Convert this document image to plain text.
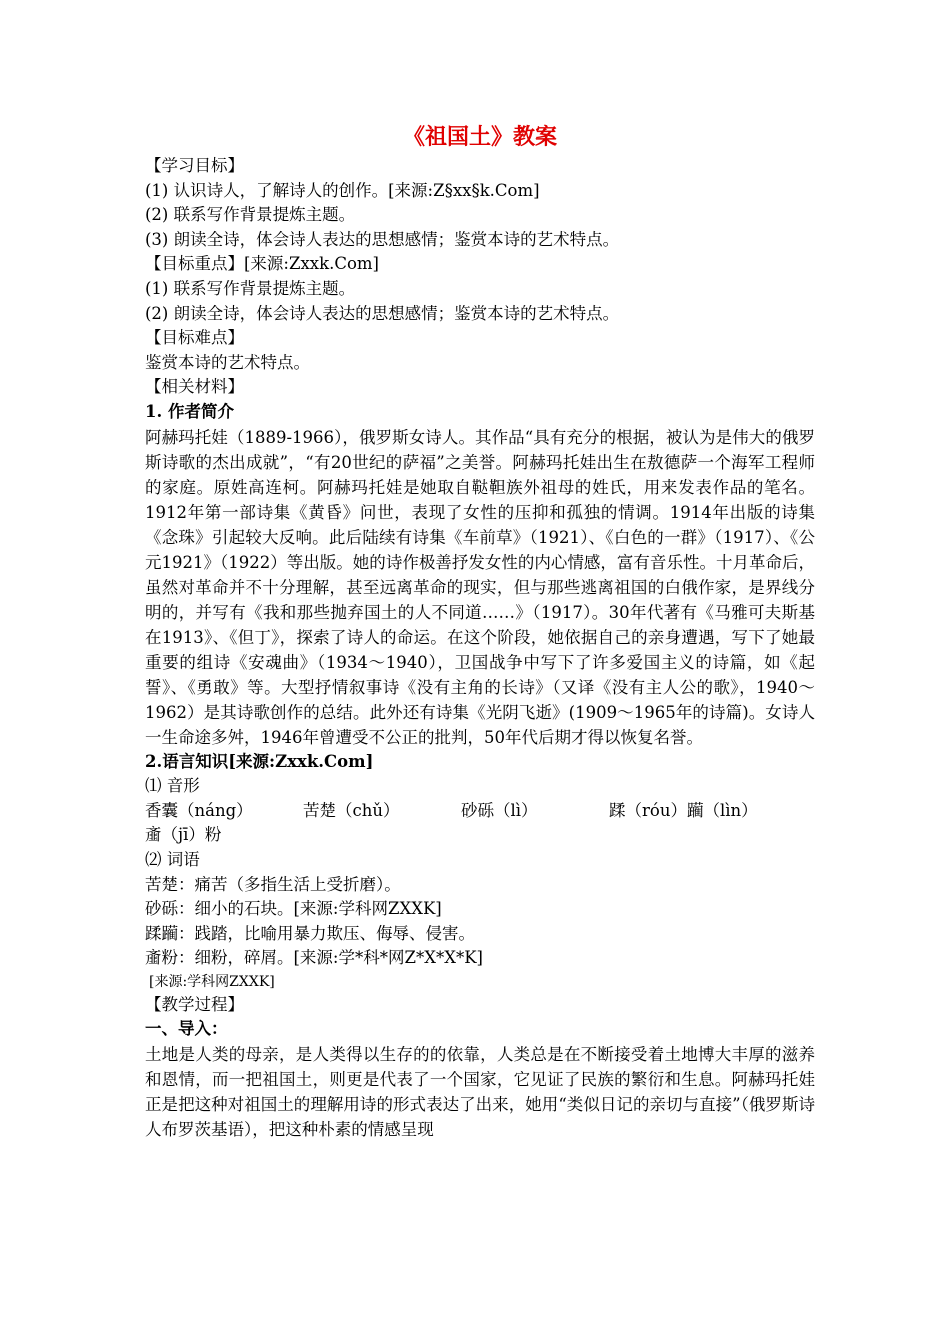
《祖国土》教案
【学习目标】
(1) 认识诗人，了解诗人的创作。[来源:Z§xx§k.Com]
(2) 联系写作背景提炼主题。
(3) 朗读全诗，体会诗人表达的思想感情；鉴赏本诗的艺术特点。
【目标重点】[来源:Zxxk.Com]
(1) 联系写作背景提炼主题。
(2) 朗读全诗，体会诗人表达的思想感情；鉴赏本诗的艺术特点。
【目标难点】
鉴赏本诗的艺术特点。
【相关材料】
1. 作者简介

阿赫玛托娃（1889-1966），俄罗斯女诗人。其作品“具有充分的根据，被认为是伟大的俄罗斯诗歌的杰出成就”，“有20世纪的萨福”之美誉。阿赫玛托娃出生在敖德萨一个海军工程师的家庭。原姓高连柯。阿赫玛托娃是她取自鞑靼族外祖母的姓氏，用来发表作品的笔名。1912年第一部诗集《黄昏》问世，表现了女性的压抑和孤独的情调。1914年出版的诗集《念珠》引起较大反响。此后陆续有诗集《车前草》（1921）、《白色的一群》（1917）、《公元1921》（1922）等出版。她的诗作极善抒发女性的内心情感，富有音乐性。十月革命后，虽然对革命并不十分理解，甚至远离革命的现实，但与那些逃离祖国的白俄作家，是界线分明的，并写有《我和那些抛弃国土的人不同道……》（1917）。30年代著有《马雅可夫斯基在1913》、《但丁》，探索了诗人的命运。在这个阶段，她依据自己的亲身遭遇，写下了她最重要的组诗《安魂曲》（1934～1940），卫国战争中写下了许多爱国主义的诗篇，如《起誓》、《勇敢》等。大型抒情叙事诗《没有主角的长诗》（又译《没有主人公的歌》，1940～1962）是其诗歌创作的总结。此外还有诗集《光阴飞逝》(1909～1965年的诗篇)。女诗人一生命途多舛，1946年曾遭受不公正的批判，50年代后期才得以恢复名誉。

2.语言知识[来源:Zxxk.Com]
⑴ 音形
香囊（náng）	苦楚（chǔ）	砂砾（lì）	蹂（róu）躏（lìn）
齑（jī）粉
⑵ 词语
苦楚：痛苦（多指生活上受折磨）。
砂砾：细小的石块。[来源:学科网ZXXK]
蹂躏：践踏，比喻用暴力欺压、侮辱、侵害。
齑粉：细粉，碎屑。[来源:学*科*网Z*X*X*K]
[来源:学科网ZXXK]
【教学过程】
一、导入：

土地是人类的母亲，是人类得以生存的的依靠，人类总是在不断接受着土地博大丰厚的滋养和恩情，而一把祖国土，则更是代表了一个国家，它见证了民族的繁衍和生息。阿赫玛托娃正是把这种对祖国土的理解用诗的形式表达了出来，她用“类似日记的亲切与直接”（俄罗斯诗人布罗茨基语），把这种朴素的情感呈现
